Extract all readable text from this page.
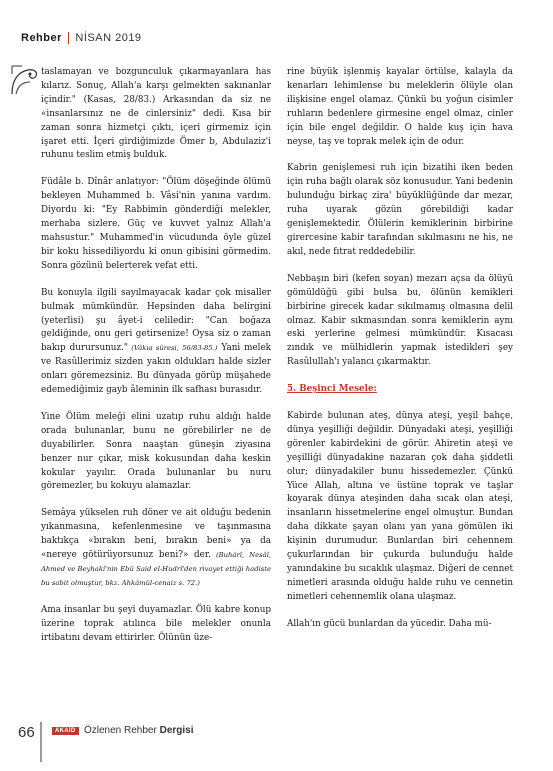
Rehber NİSAN 2019

taslamayan ve bozgunculuk çıkarmayanlara has kılarız. Sonuç, Allah'a karşı gelmekten sakınanlar içindir." (Kasas, 28/83.) Arkasından da siz ne «insanlarsınız ne de cinlersiniz" dedi. Kısa bir zaman sonra hizmetçi çıktı, içeri girmemiz için işaret etti. İçeri girdiğimizde Ömer b, Abdulaziz'i ruhunu teslim etmiş bulduk.

Füdâle b. Dînâr anlatıyor: "Ölüm döşeğinde ölümü bekleyen Muhammed b. Vâsi'nin yanına vardım. Diyordu ki: "Ey Rabbimin gönderdiği melekler, merhaba sizlere. Güç ve kuvvet yalnız Allah'a mahsustur." Muhammed'in vücudunda öyle güzel bir koku hissediliyordu ki onun gibisini görmedim. Sonra gözünü belerterek vefat etti.

Bu konuyla ilgili sayılmayacak kadar çok misaller bulmak mümkündür. Hepsinden daha belirgini (yeterlisi) şu âyet-i celiledir: "Can boğaza geldiğinde, onu geri getirsenize! Oysa siz o zaman bakıp durursunuz." (Vâkıa sûresi, 56/83-85.) Yani melek ve Rasûllerimiz sizden yakın oldukları halde sizler onları göremezsiniz. Bu dünyada görüp müşahede edemediğimiz gayb âleminin ilk safhası burasıdır.

Yine Ölüm meleği elini uzatıp ruhu aldığı halde orada bulunanlar, bunu ne görebilirler ne de duyabilirler. Sonra naaştan güneşin ziyasına benzer nur çıkar, misk kokusundan daha keskin kokular yayılır. Orada bulunanlar bu nuru göremezler, bu kokuyu alamazlar.

Semâya yükselen ruh döner ve ait olduğu bedenin yıkanmasına, kefenlenmesine ve taşınmasına baktıkça «bırakın beni, bırakın beni» ya da «nereye götürüyorsunuz beni?» der. (Buhârî, Nesâî, Ahmed ve Beyhakî'nin Ebû Said el-Hudrî'den rivayet ettiği hadiste bu sabit olmuştur, bkz. Ahkâmül-cenaiz s. 72.)

Ama insanlar bu şeyi duyamazlar. Ölü kabre konup üzerine toprak atılınca bile melekler onunla irtibatını devam ettirirler. Ölünün üze-

rine büyük işlenmiş kayalar örtülse, kalayla da kenarları lehimlense bu meleklerin ölüyle olan ilişkisine engel olamaz. Çünkü bu yoğun cisimler ruhların bedenlere girmesine engel olmaz, cinler için bile engel değildir. O halde kuş için hava neyse, taş ve toprak melek için de odur.

Kabrin genişlemesi ruh için bizatihi iken beden için ruha bağlı olarak söz konusudur. Yani bedenin bulunduğu birkaç zira' büyüklüğünde dar mezar, ruha uyarak gözün görebildiği kadar genişlemektedir. Ölülerin kemiklerinin birbirine girercesine kabir tarafından sıkılmasını ne his, ne akıl, nede fıtrat reddedebilir.

Nebbaşın biri (kefen soyan) mezarı açsa da ölüyü gömüldüğü gibi bulsa bu, ölünün kemikleri birbirine girecek kadar sıkılmamış olmasına delil olmaz. Kabir sıkmasından sonra kemiklerin aynı eski yerlerine gelmesi mümkündür. Kısacası zındık ve mülhidlerin yapmak istedikleri şey Rasûlullah'ı yalancı çıkarmaktır.

5. Beşinci Mesele:

Kabirde bulunan ateş, dünya ateşi, yeşil bahçe, dünya yeşilliği değildir. Dünyadaki ateşi, yeşilliği görenler kabirdekini de görür. Ahiretin ateşi ve yeşilliği dünyadakine nazaran çok daha şiddetli olur; dünyadakiler bunu hissedemezler. Çünkü Yüce Allah, altına ve üstüne toprak ve taşlar koyarak dünya ateşinden daha sıcak olan ateşi, insanların hissetmelerine engel olmuştur. Bundan daha dikkate şayan olanı yan yana gömülen iki kişinin durumudur. Bunlardan biri cehennem çukurlarından bir çukurda bulunduğu halde yanındakine bu sıcaklık ulaşmaz. Diğeri de cennet nimetleri arasında olduğu halde ruhu ve cennetin nimetleri cehennemlik olana ulaşmaz.

Allah'ın gücü bunlardan da yücedir. Daha mü-

66	AKAİD Özlenen Rehber Dergisi
